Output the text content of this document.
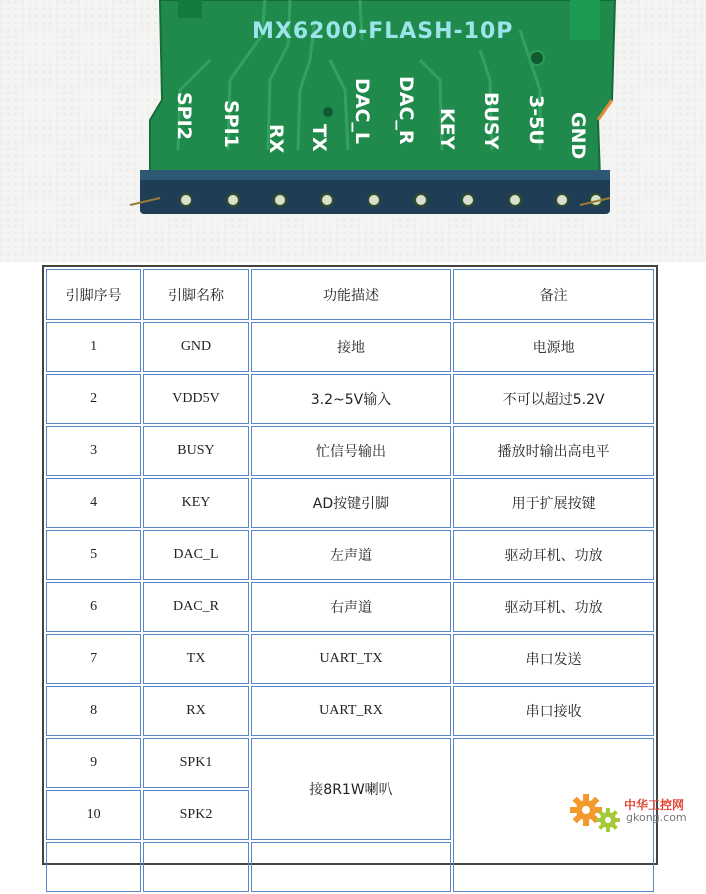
MX6200-FLASH-10P
SPI2 SPI1 RX TX DAC_L DAC_R KEY BUSY 3-5U GND
引脚序号	引脚名称	功能描述	备注
1	GND	接地	电源地
2	VDD5V	3.2~5V输入	不可以超过5.2V
3	BUSY	忙信号输出	播放时输出高电平
4	KEY	AD按键引脚	用于扩展按键
5	DAC_L	左声道	驱动耳机、功放
6	DAC_R	右声道	驱动耳机、功放
7	TX	UART_TX	串口发送
8	RX	UART_RX	串口接收
9	SPK1	接8R1W喇叭	
10	SPK2		

中华工控网
gkong.com
